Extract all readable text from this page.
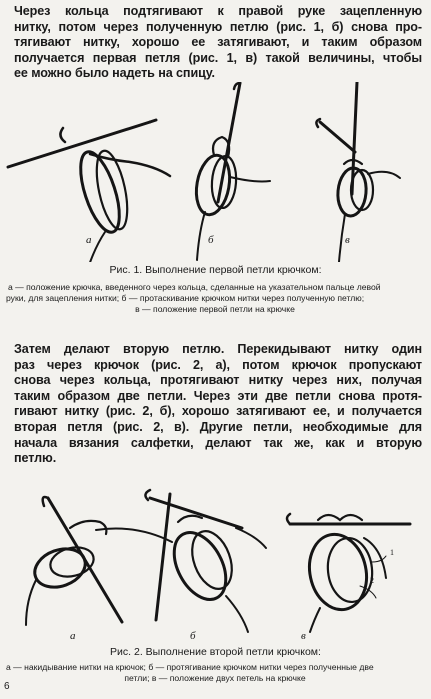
Через кольца подтягивают к правой руке зацепленную
нитку, потом через полученную петлю (рис. 1, б) снова про-
тягивают нитку, хорошо ее затягивают, и таким образом
получается первая петля (рис. 1, в) такой величины, чтобы
ее можно было надеть на спицу.
а	б	в
Рис. 1. Выполнение первой петли крючком:
а — положение крючка, введенного через кольца, сделанные на указательном пальце левой
руки, для зацепления нитки; б — протаскивание крючком нитки через полученную петлю;
в — положение первой петли на крючке
Затем делают вторую петлю. Перекидывают нитку один
раз через крючок (рис. 2, а), потом крючок пропускают
снова через кольца, протягивают нитку через них, получая
таким образом две петли. Через эти две петли снова протя-
гивают нитку (рис. 2, б), хорошо затягивают ее, и получается
вторая петля (рис. 2, в). Другие петли, необходимые для
начала вязания салфетки, делают так же, как и вторую
петлю.
1
2
а	б	в
Рис. 2. Выполнение второй петли крючком:
а — накидывание нитки на крючок; б — протягивание крючком нитки через полученные две
петли; в — положение двух петель на крючке
6
